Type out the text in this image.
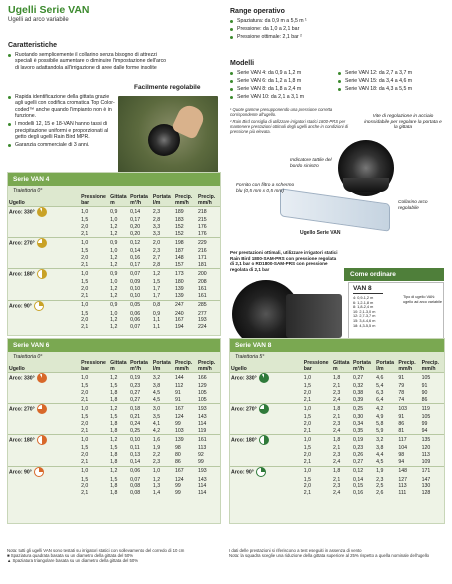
Ugelli Serie VAN
Ugelli ad arco variabile
Caratteristiche
Ruotando semplicemente il collarino senza bisogno di attrezzi speciali è possibile aumentare o diminuire l'impostazione dell'arco di lavoro adattandola all'irrigazione di aree dalle forme insolite
Rapida identificazione della gittata grazie agli ugelli con codifica cromatica Top Color-coded™ anche quando l'impianto non è in funzione.
I modelli 12, 15 e 18-VAN hanno tassi di precipitazione uniformi e proporzionati al getto degli ugelli Rain Bird MPR.
Garanzia commerciale di 3 anni.
Facilmente regolabile
Range operativo
Spaziatura: da 0,9 m a 5,5 m ¹
Pressione: da 1,0 a 2,1 bar
Pressione ottimale: 2,1 bar ²
Modelli
Serie VAN 4: da 0,9 a 1,2 m
Serie VAN 6: da 1,2 a 1,8 m
Serie VAN 8: da 1,8 a 2,4 m
Serie VAN 10: da 2,1 a 3,1 m
Serie VAN 12: da 2,7 a 3,7 m
Serie VAN 15: da 3,4 a 4,6 m
Serie VAN 18: da 4,3 a 5,5 m
¹ Quote gamme presupponendo una pressione corretta corrispondente all'ugello.
² Rain Bird consiglia di utilizzare irrigatori statici 1800-PRS per mantenere prestazioni ottimali degli ugelli anche in condizioni di pressione più elevata.
Vite di regolazione in acciaio inossidabile per regolare la portata e la gittata
Indicatore tattile del bordo sinistro
Fornito con filtro a schermo blu (0,5 mm x 0,5 mm)
Collarino arco regolabile
Ugello Serie VAN
Per prestazioni ottimali, utilizzare irrigatori statici Rain Bird 1800-SAM-PRS con pressione regolata di 2,1 bar o RD1800-SAM-PRS con pressione regolata di 2,1 bar
Come ordinare
VAN 8
Tipo di ugello VAN: ugello ad arco variabile
4: 0,9-1,2 m
6: 1,2-1,8 m
8: 1,8-2,4 m
10: 2,1-3,0 m
12: 2,7-3,7 m
15: 3,4-4,6 m
18: 4,3-5,5 m
Serie VAN 4
Traiettoria 0°
Ugello	Pressione bar	Gittata m	Portata m³/h	Portata l/m	Precip. mm/h	Precip. mm/h
Arco: 330°	1,0	0,9	0,14	2,3	189	218
	1,5	1,0	0,17	2,8	183	215
	2,0	1,2	0,20	3,3	152	176
	2,1	1,2	0,20	3,3	152	176
Arco: 270°	1,0	0,9	0,12	2,0	198	229
	1,5	1,0	0,14	2,3	187	216
	2,0	1,2	0,16	2,7	148	171
	2,1	1,2	0,17	2,8	157	181
Arco: 180°	1,0	0,9	0,07	1,2	173	200
	1,5	1,0	0,09	1,5	180	208
	2,0	1,2	0,10	1,7	139	161
	2,1	1,2	0,10	1,7	139	161
Arco: 90°	1,0	0,9	0,05	0,8	247	285
	1,5	1,0	0,06	0,9	240	277
	2,0	1,2	0,06	1,1	167	193
	2,1	1,2	0,07	1,1	194	224
Serie VAN 6
Traiettoria 0°
Ugello	Pressione bar	Gittata m	Portata m³/h	Portata l/m	Precip. mm/h	Precip. mm/h
Arco: 330°	1,0	1,2	0,19	3,2	144	166
	1,5	1,5	0,23	3,8	112	129
	2,0	1,8	0,27	4,5	91	105
	2,1	1,8	0,27	4,5	91	105
Arco: 270°	1,0	1,2	0,18	3,0	167	193
	1,5	1,5	0,21	3,5	124	143
	2,0	1,8	0,24	4,1	99	114
	2,1	1,8	0,25	4,2	103	119
Arco: 180°	1,0	1,2	0,10	1,6	139	161
	1,5	1,5	0,11	1,9	98	113
	2,0	1,8	0,13	2,2	80	92
	2,1	1,8	0,14	2,3	86	99
Arco: 90°	1,0	1,2	0,06	1,0	167	193
	1,5	1,5	0,07	1,2	124	143
	2,0	1,8	0,08	1,3	99	114
	2,1	1,8	0,08	1,4	99	114
Serie VAN 8
Traiettoria 5°
Ugello	Pressione bar	Gittata m	Portata m³/h	Portata l/m	Precip. mm/h	Precip. mm/h
Arco: 330°	1,0	1,8	0,27	4,6	91	105
	1,5	2,1	0,32	5,4	79	91
	2,0	2,3	0,38	6,3	78	90
	2,1	2,4	0,39	6,4	74	86
Arco: 270°	1,0	1,8	0,25	4,2	103	119
	1,5	2,1	0,30	4,9	91	105
	2,0	2,3	0,34	5,8	86	99
	2,1	2,4	0,35	5,9	81	94
Arco: 180°	1,0	1,8	0,19	3,2	117	135
	1,5	2,1	0,23	3,8	104	120
	2,0	2,3	0,26	4,4	98	113
	2,1	2,4	0,27	4,5	94	109
Arco: 90°	1,0	1,8	0,12	1,9	148	171
	1,5	2,1	0,14	2,3	127	147
	2,0	2,3	0,15	2,5	113	130
	2,1	2,4	0,16	2,6	111	128
Nota: tutti gli ugelli VAN sono testati su irrigatori statici con sollevamento del corredo di 10 cm
■ Spaziatura quadrata basata su un diametro della gittata del 50%
▲ Spaziatura triangolare basata su un diametro della gittata del 50%
I dati delle prestazioni si riferiscono a test eseguiti in assenza di vento
Nota: la squadra sceglie una riduzione della gittata superiore al 25% rispetto a quella nominale dell'ugello
